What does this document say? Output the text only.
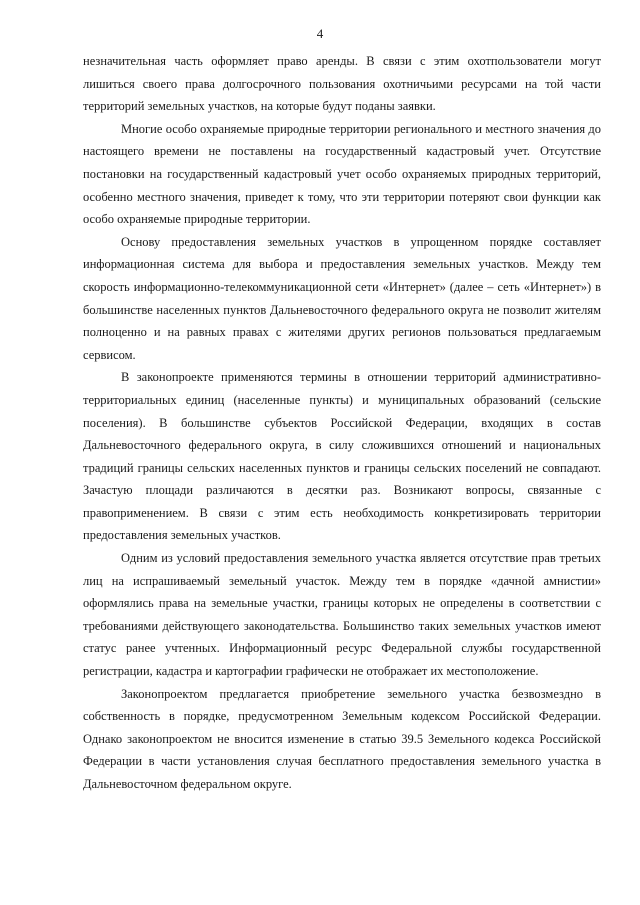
4

незначительная часть оформляет право аренды. В связи с этим охотпользователи могут лишиться своего права долгосрочного пользования охотничьими ресурсами на той части территорий земельных участков, на которые будут поданы заявки.

Многие особо охраняемые природные территории регионального и местного значения до настоящего времени не поставлены на государственный кадастровый учет. Отсутствие постановки на государственный кадастровый учет особо охраняемых природных территорий, особенно местного значения, приведет к тому, что эти территории потеряют свои функции как особо охраняемые природные территории.

Основу предоставления земельных участков в упрощенном порядке составляет информационная система для выбора и предоставления земельных участков. Между тем скорость информационно-телекоммуникационной сети «Интернет» (далее – сеть «Интернет») в большинстве населенных пунктов Дальневосточного федерального округа не позволит жителям полноценно и на равных правах с жителями других регионов пользоваться предлагаемым сервисом.

В законопроекте применяются термины в отношении территорий административно-территориальных единиц (населенные пункты) и муниципальных образований (сельские поселения). В большинстве субъектов Российской Федерации, входящих в состав Дальневосточного федерального округа, в силу сложившихся отношений и национальных традиций границы сельских населенных пунктов и границы сельских поселений не совпадают. Зачастую площади различаются в десятки раз. Возникают вопросы, связанные с правоприменением. В связи с этим есть необходимость конкретизировать территории предоставления земельных участков.

Одним из условий предоставления земельного участка является отсутствие прав третьих лиц на испрашиваемый земельный участок. Между тем в порядке «дачной амнистии» оформлялись права на земельные участки, границы которых не определены в соответствии с требованиями действующего законодательства. Большинство таких земельных участков имеют статус ранее учтенных. Информационный ресурс Федеральной службы государственной регистрации, кадастра и картографии графически не отображает их местоположение.

Законопроектом предлагается приобретение земельного участка безвозмездно в собственность в порядке, предусмотренном Земельным кодексом Российской Федерации. Однако законопроектом не вносится изменение в статью 39.5 Земельного кодекса Российской Федерации в части установления случая бесплатного предоставления земельного участка в Дальневосточном федеральном округе.
